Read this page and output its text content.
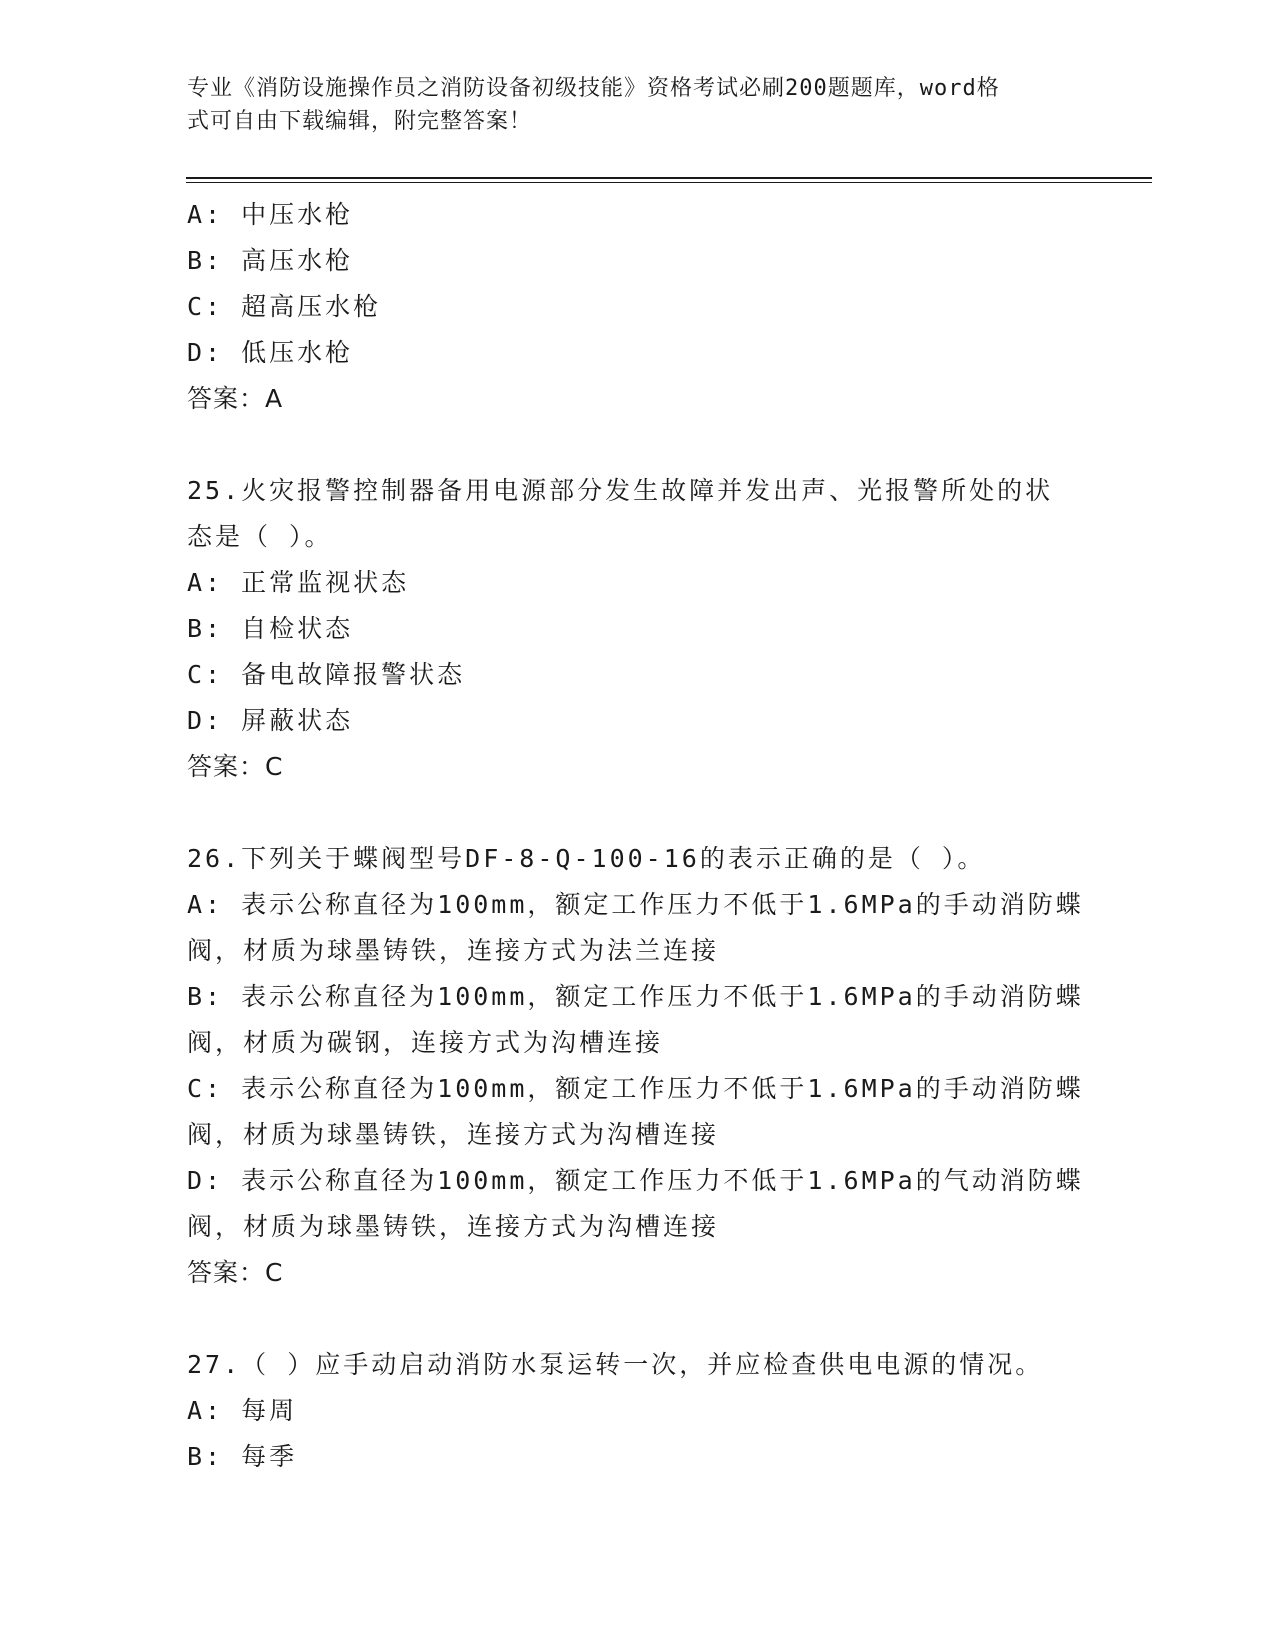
专业《消防设施操作员之消防设备初级技能》资格考试必刷200题题库，word格
式可自由下载编辑，附完整答案！
A: 中压水枪
B: 高压水枪
C: 超高压水枪
D: 低压水枪
答案：A
25.火灾报警控制器备用电源部分发生故障并发出声、光报警所处的状
态是（ ）。
A: 正常监视状态
B: 自检状态
C: 备电故障报警状态
D: 屏蔽状态
答案：C
26.下列关于蝶阀型号DF-8-Q-100-16的表示正确的是（ ）。
A: 表示公称直径为100mm，额定工作压力不低于1.6MPa的手动消防蝶
阀，材质为球墨铸铁，连接方式为法兰连接
B: 表示公称直径为100mm，额定工作压力不低于1.6MPa的手动消防蝶
阀，材质为碳钢，连接方式为沟槽连接
C: 表示公称直径为100mm，额定工作压力不低于1.6MPa的手动消防蝶
阀，材质为球墨铸铁，连接方式为沟槽连接
D: 表示公称直径为100mm，额定工作压力不低于1.6MPa的气动消防蝶
阀，材质为球墨铸铁，连接方式为沟槽连接
答案：C
27.（ ）应手动启动消防水泵运转一次，并应检查供电电源的情况。
A: 每周
B: 每季
